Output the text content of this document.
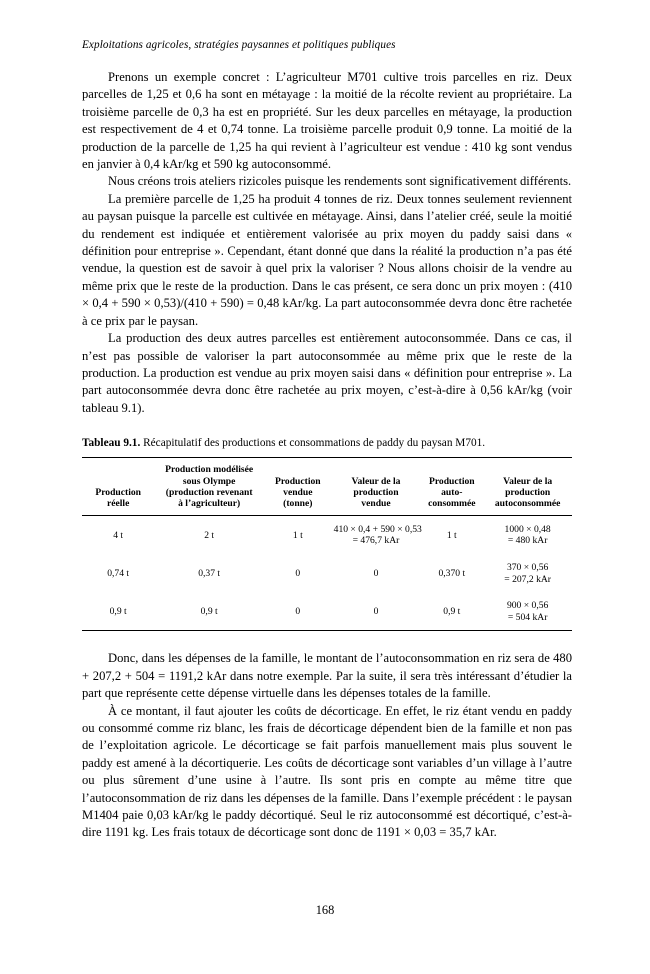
Exploitations agricoles, stratégies paysannes et politiques publiques

Prenons un exemple concret : L’agriculteur M701 cultive trois parcelles en riz. Deux parcelles de 1,25 et 0,6 ha sont en métayage : la moitié de la récolte revient au propriétaire. La troisième parcelle de 0,3 ha est en propriété. Sur les deux parcelles en métayage, la production est respectivement de 4 et 0,74 tonne. La troisième parcelle produit 0,9 tonne. La moitié de la production de la parcelle de 1,25 ha qui revient à l’agriculteur est vendue : 410 kg sont vendus en janvier à 0,4 kAr/kg et 590 kg autoconsommé.

Nous créons trois ateliers rizicoles puisque les rendements sont significativement différents.

La première parcelle de 1,25 ha produit 4 tonnes de riz. Deux tonnes seulement reviennent au paysan puisque la parcelle est cultivée en métayage. Ainsi, dans l’atelier créé, seule la moitié du rendement est indiquée et entièrement valorisée au prix moyen du paddy saisi dans « définition pour entreprise ». Cependant, étant donné que dans la réalité la production n’a pas été vendue, la question est de savoir à quel prix la valoriser ? Nous allons choisir de la vendre au même prix que le reste de la production. Dans le cas présent, ce sera donc un prix moyen : (410 × 0,4 + 590 × 0,53)/(410 + 590) = 0,48 kAr/kg. La part autoconsommée devra donc être rachetée à ce prix par le paysan.

La production des deux autres parcelles est entièrement autoconsommée. Dans ce cas, il n’est pas possible de valoriser la part autoconsommée au même prix que le reste de la production. La production est vendue au prix moyen saisi dans « définition pour entreprise ». La part autoconsommée devra donc être rachetée au prix moyen, c’est-à-dire à 0,56 kAr/kg (voir tableau 9.1).

Tableau 9.1. Récapitulatif des productions et consommations de paddy du paysan M701.
Production
réelle	Production modélisée
sous Olympe
(production revenant
à l’agriculteur)	Production
vendue
(tonne)	Valeur de la
production
vendue	Production
auto-
consommée	Valeur de la
production
autoconsommée

4 t	2 t	1 t	410 × 0,4 + 590 × 0,53
= 476,7 kAr	1 t	1000 × 0,48
= 480 kAr

0,74 t	0,37 t	0	0	0,370 t	370 × 0,56
= 207,2 kAr

0,9 t	0,9 t	0	0	0,9 t	900 × 0,56
= 504 kAr

Donc, dans les dépenses de la famille, le montant de l’autoconsommation en riz sera de 480 + 207,2 + 504 = 1191,2 kAr dans notre exemple. Par la suite, il sera très intéressant d’étudier la part que représente cette dépense virtuelle dans les dépenses totales de la famille.

À ce montant, il faut ajouter les coûts de décorticage. En effet, le riz étant vendu en paddy ou consommé comme riz blanc, les frais de décorticage dépendent bien de la famille et non pas de l’exploitation agricole. Le décorticage se fait parfois manuellement mais plus souvent le paddy est amené à la décortiquerie. Les coûts de décorticage sont variables d’un village à l’autre ou plus sûrement d’une usine à l’autre. Ils sont pris en compte au même titre que l’autoconsommation de riz dans les dépenses de la famille. Dans l’exemple précédent : le paysan M1404 paie 0,03 kAr/kg le paddy décortiqué. Seul le riz autoconsommé est décortiqué, c’est-à-dire 1191 kg. Les frais totaux de décorticage sont donc de 1191 × 0,03 = 35,7 kAr.

168
